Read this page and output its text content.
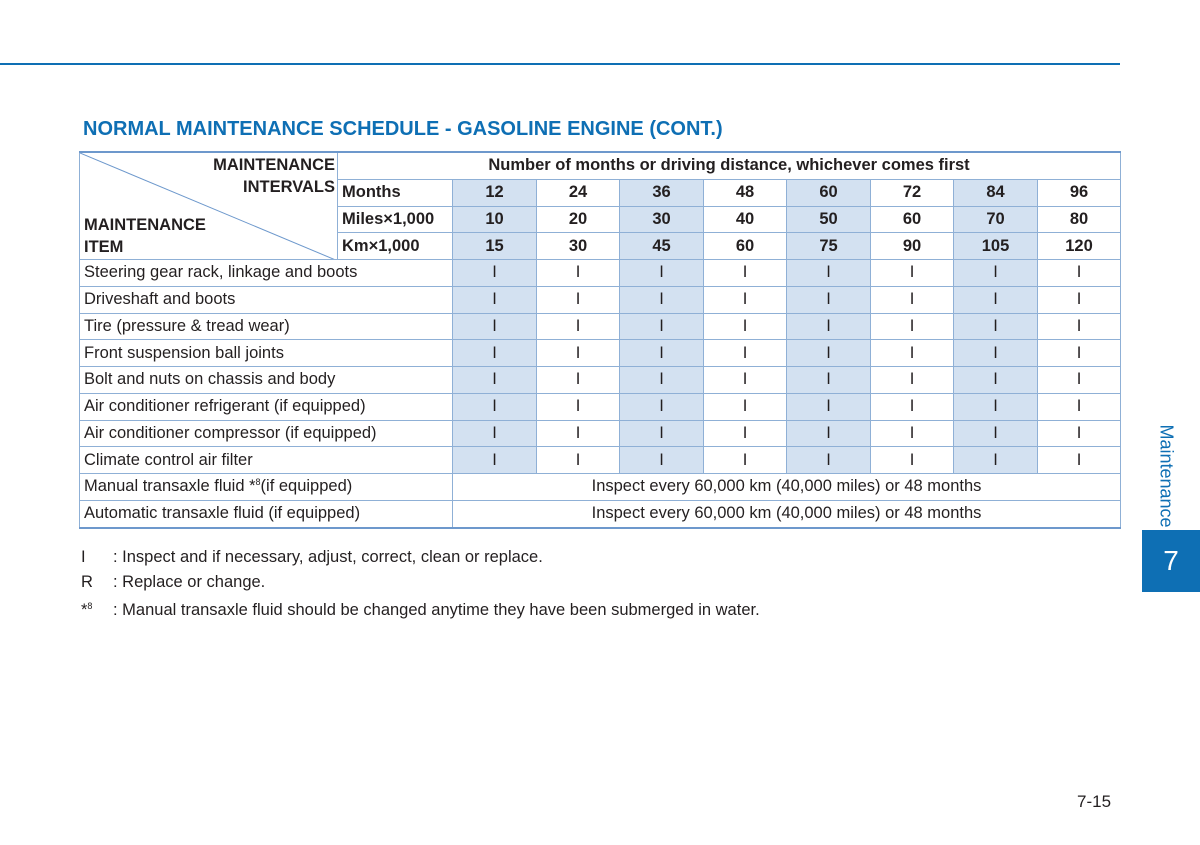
NORMAL MAINTENANCE SCHEDULE - GASOLINE ENGINE (CONT.)
MAINTENANCE
INTERVALS
MAINTENANCE
ITEM	Number of months or driving distance, whichever comes first								
	Months	12	24	36	48	60	72	84	96
	Miles×1,000	10	20	30	40	50	60	70	80
	Km×1,000	15	30	45	60	75	90	105	120
Steering gear rack, linkage and boots		I	I	I	I	I	I	I	I
Driveshaft and boots		I	I	I	I	I	I	I	I
Tire (pressure & tread wear)		I	I	I	I	I	I	I	I
Front suspension ball joints		I	I	I	I	I	I	I	I
Bolt and nuts on chassis and body		I	I	I	I	I	I	I	I
Air conditioner refrigerant (if equipped)		I	I	I	I	I	I	I	I
Air conditioner compressor (if equipped)		I	I	I	I	I	I	I	I
Climate control air filter		I	I	I	I	I	I	I	I
Manual transaxle fluid *$^8$(if equipped)		Inspect every 60,000 km (40,000 miles) or 48 months							
Automatic transaxle fluid (if equipped)		Inspect every 60,000 km (40,000 miles) or 48 months							
I : Inspect and if necessary, adjust, correct, clean or replace.
R : Replace or change.
*$^8$ : Manual transaxle fluid should be changed anytime they have been submerged in water.
Maintenance
7
7-15
